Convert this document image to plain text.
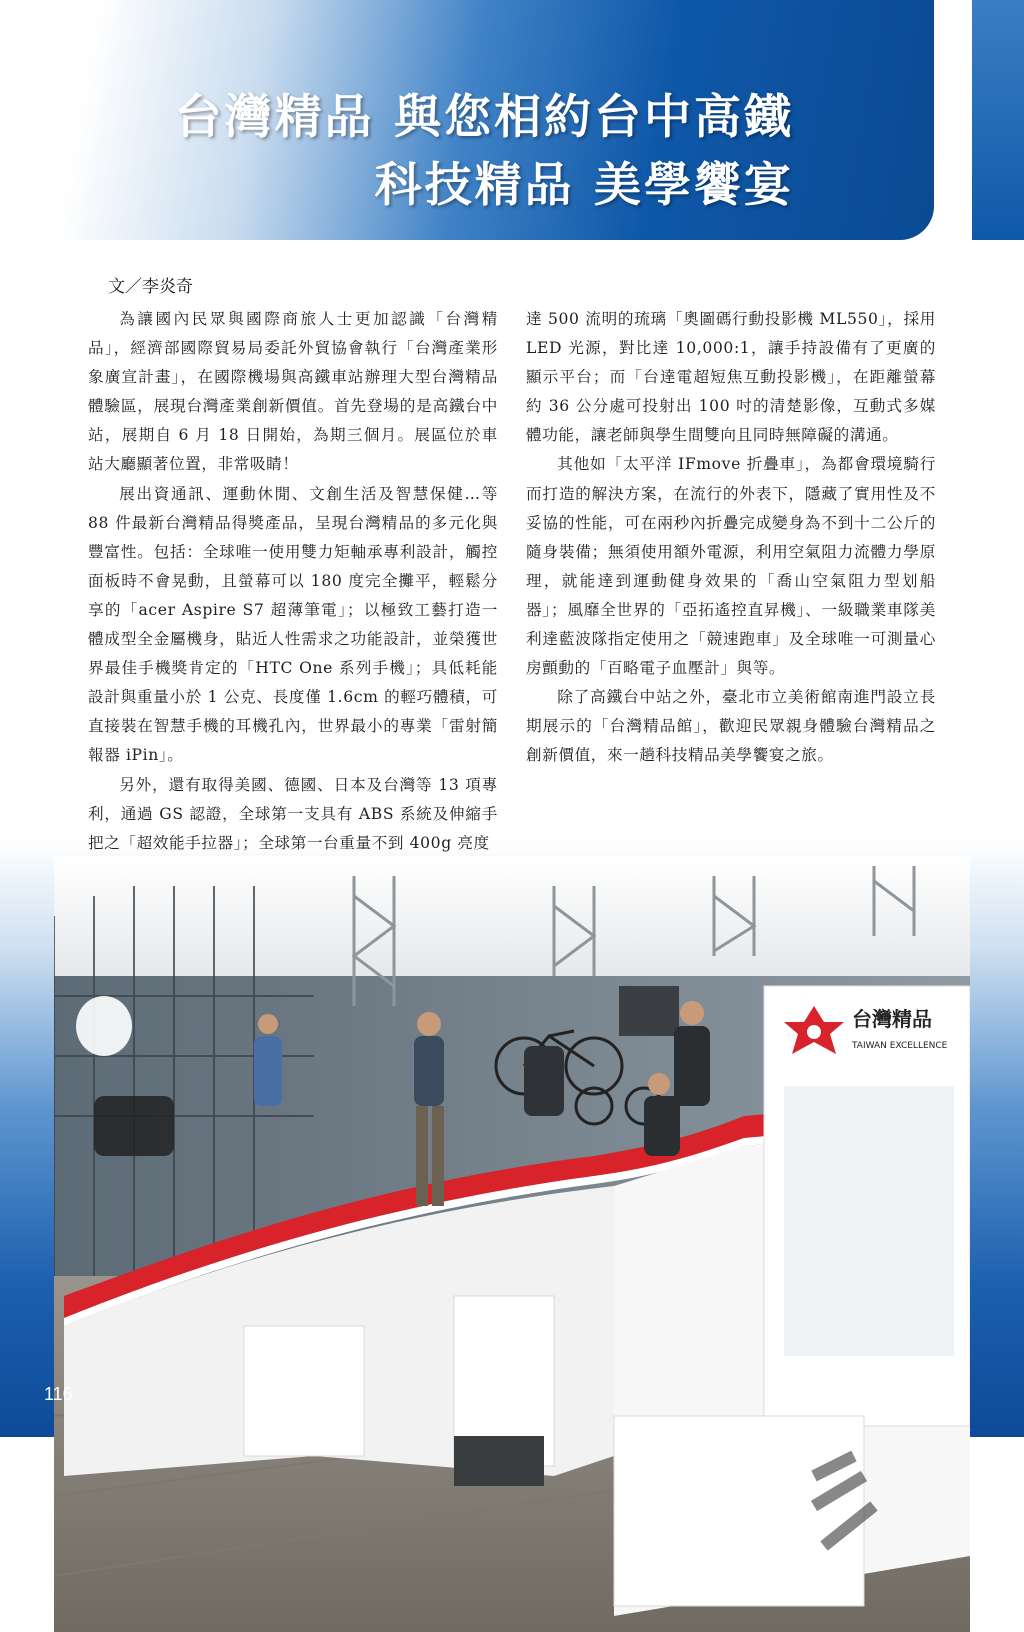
台灣精品 與您相約台中高鐵
科技精品 美學饗宴
文／李炎奇

為讓國內民眾與國際商旅人士更加認識「台灣精品」，經濟部國際貿易局委託外貿協會執行「台灣產業形象廣宣計畫」，在國際機場與高鐵車站辦理大型台灣精品體驗區，展現台灣產業創新價值。首先登場的是高鐵台中站，展期自 6 月 18 日開始，為期三個月。展區位於車站大廳顯著位置，非常吸睛！

展出資通訊、運動休閒、文創生活及智慧保健…等 88 件最新台灣精品得獎產品，呈現台灣精品的多元化與豐富性。包括：全球唯一使用雙力矩軸承專利設計，觸控面板時不會晃動，且螢幕可以 180 度完全攤平，輕鬆分享的「acer Aspire S7 超薄筆電」；以極致工藝打造一體成型全金屬機身，貼近人性需求之功能設計，並榮獲世界最佳手機獎肯定的「HTC One 系列手機」；具低耗能設計與重量小於 1 公克、長度僅 1.6cm 的輕巧體積，可直接裝在智慧手機的耳機孔內，世界最小的專業「雷射簡報器 iPin」。

另外，還有取得美國、德國、日本及台灣等 13 項專利，通過 GS 認證，全球第一支具有 ABS 系統及伸縮手把之「超效能手拉器」；全球第一台重量不到 400g 亮度

達 500 流明的琉璃「奧圖碼行動投影機 ML550」，採用 LED 光源，對比達 10,000:1，讓手持設備有了更廣的顯示平台；而「台達電超短焦互動投影機」，在距離螢幕約 36 公分處可投射出 100 吋的清楚影像，互動式多媒體功能，讓老師與學生間雙向且同時無障礙的溝通。

其他如「太平洋 IFmove 折疊車」，為都會環境騎行而打造的解決方案，在流行的外表下，隱藏了實用性及不妥協的性能，可在兩秒內折疊完成變身為不到十二公斤的隨身裝備；無須使用額外電源，利用空氣阻力流體力學原理，就能達到運動健身效果的「喬山空氣阻力型划船器」；風靡全世界的「亞拓遙控直昇機」、一級職業車隊美利達藍波隊指定使用之「競速跑車」及全球唯一可測量心房顫動的「百略電子血壓計」與等。

除了高鐵台中站之外，臺北市立美術館南進門設立長期展示的「台灣精品館」，歡迎民眾親身體驗台灣精品之創新價值，來一趟科技精品美學饗宴之旅。

台灣精品
TAIWAN EXCELLENCE
116
